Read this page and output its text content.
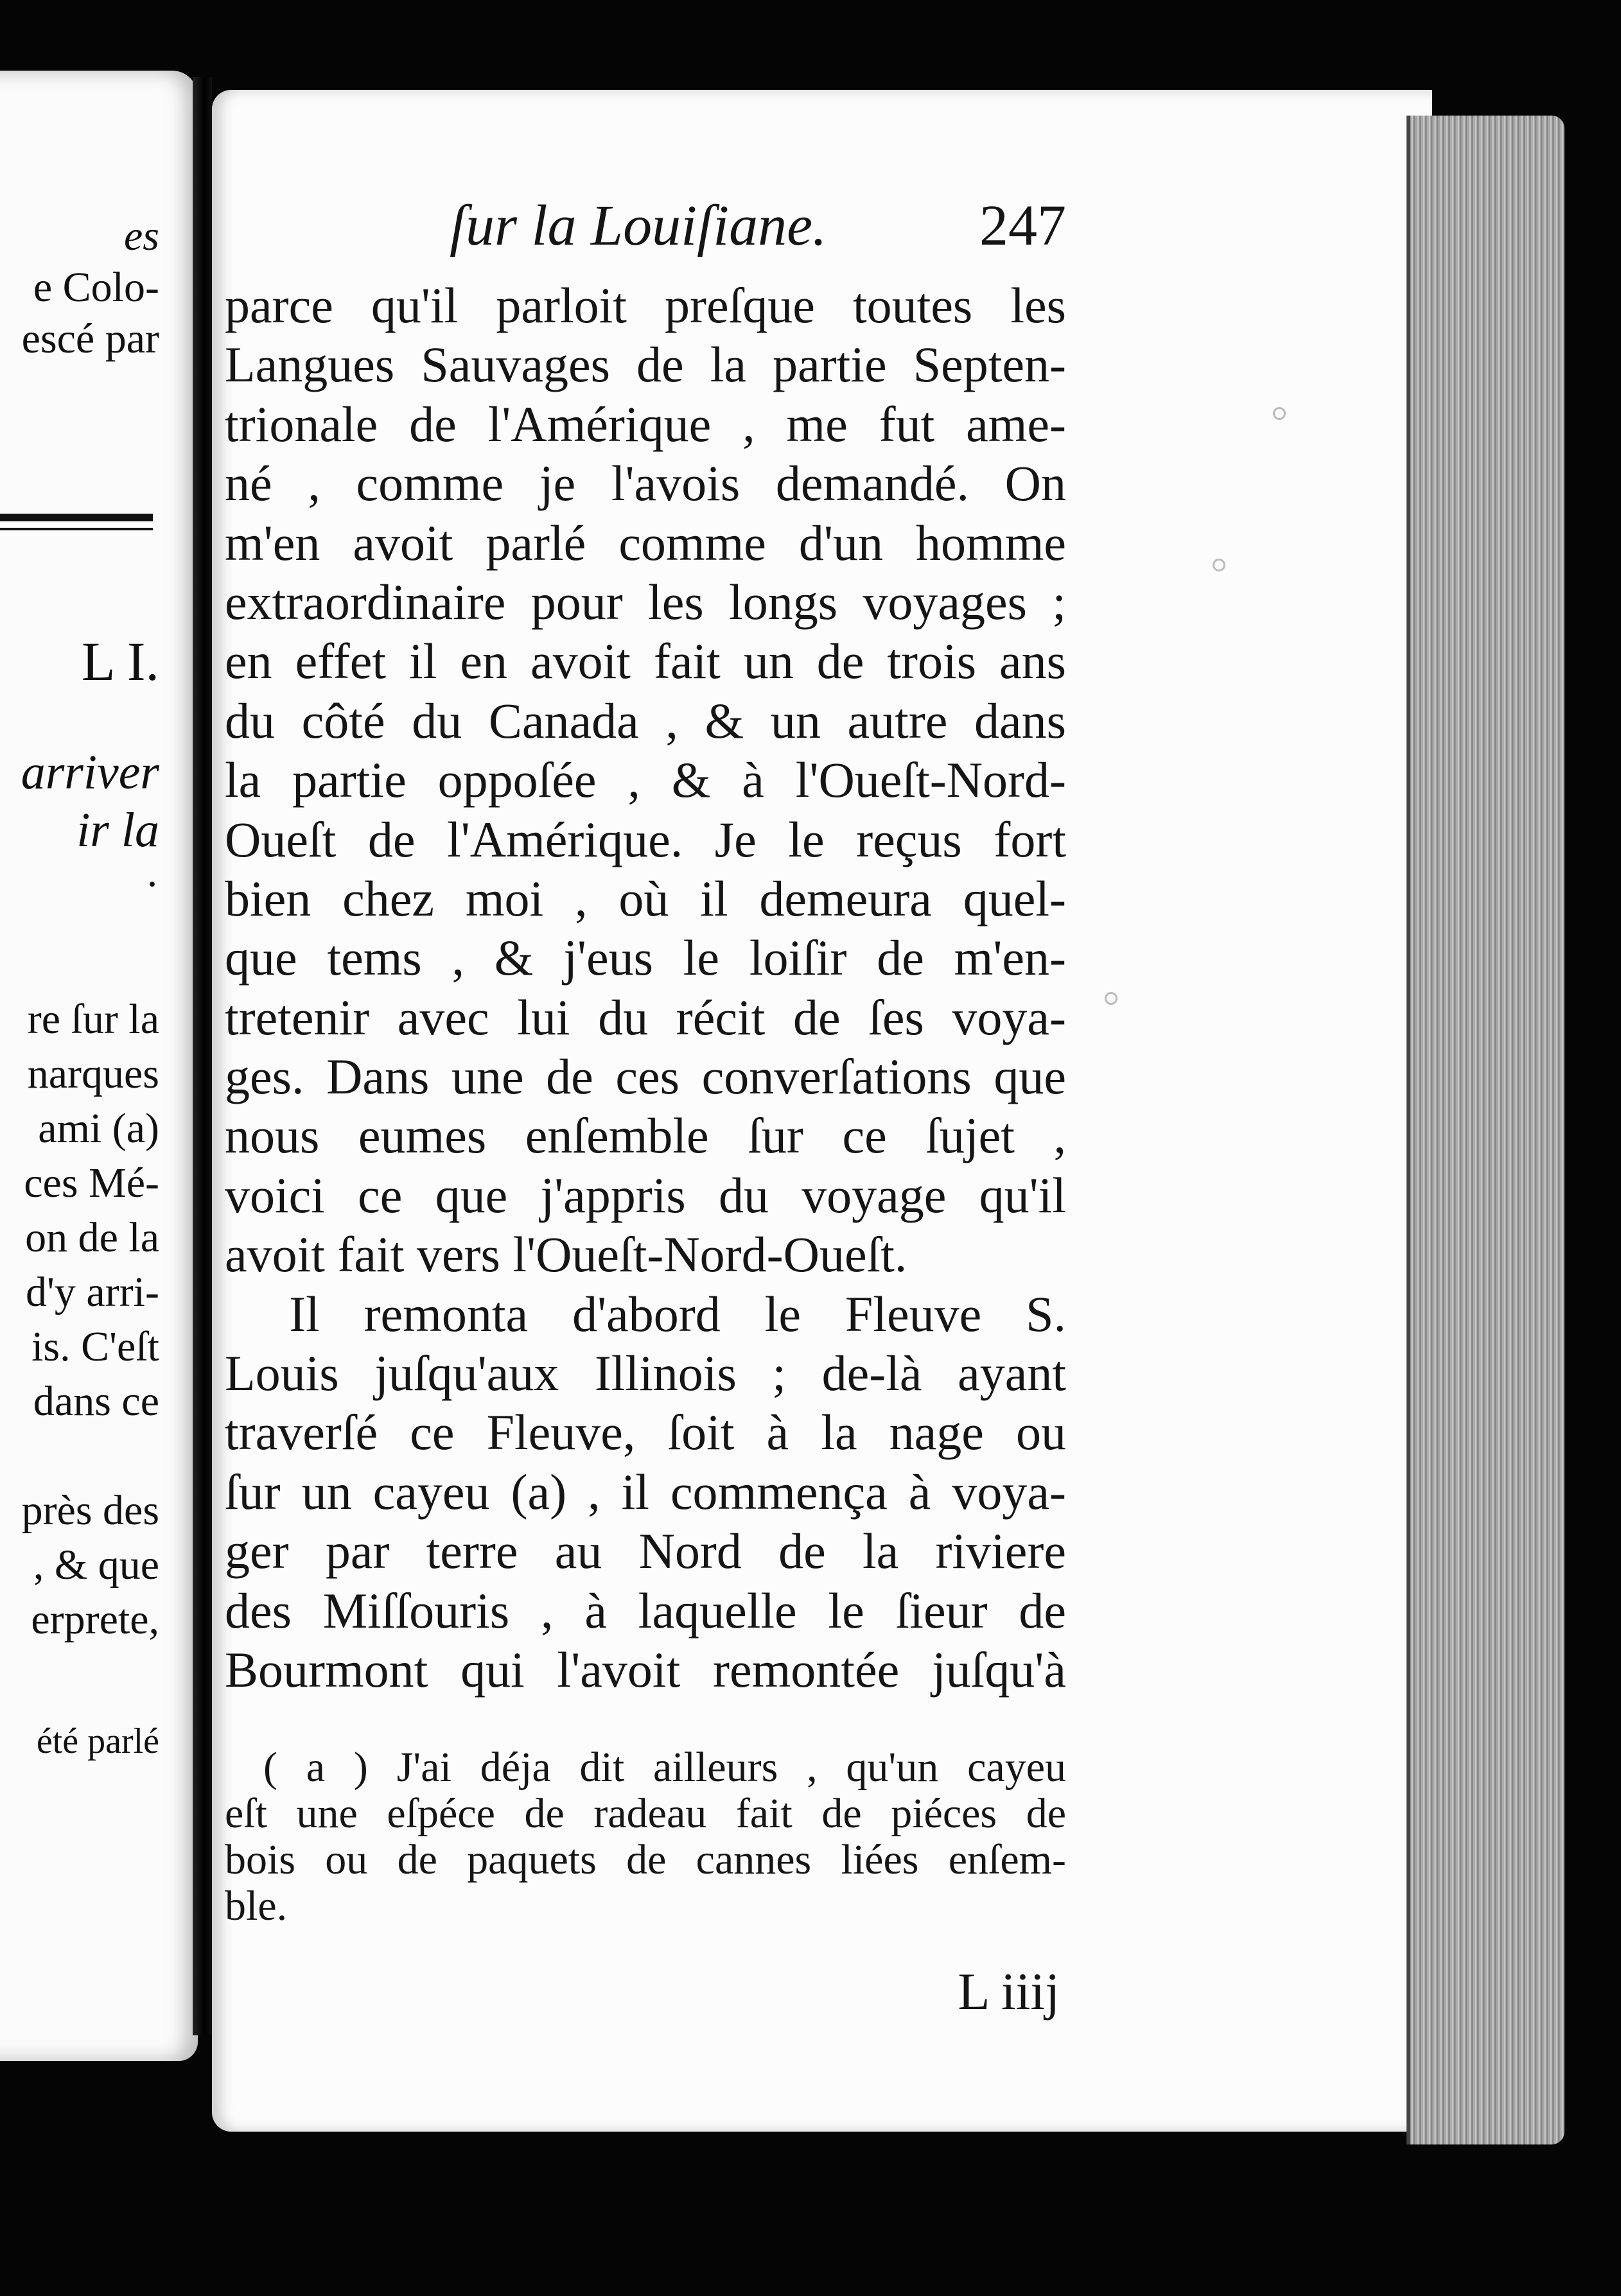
es
e Colo-
escé par
L I.
arriver
ir la
·
re ſur la
narques
ami (a)
ces Mé-
on de la
d'y arri-
is. C'eſt
dans ce
près des
, & que
erprete,
été parlé
ſur la Louiſiane.	247
parce qu'il parloit preſque toutes les
Langues Sauvages de la partie Septen-
trionale de l'Amérique , me fut ame-
né , comme je l'avois demandé. On
m'en avoit parlé comme d'un homme
extraordinaire pour les longs voyages ;
en effet il en avoit fait un de trois ans
du côté du Canada , & un autre dans
la partie oppoſée , & à l'Oueſt-Nord-
Oueſt de l'Amérique. Je le reçus fort
bien chez moi , où il demeura quel-
que tems , & j'eus le loiſir de m'en-
tretenir avec lui du récit de ſes voya-
ges. Dans une de ces converſations que
nous eumes enſemble ſur ce ſujet ,
voici ce que j'appris du voyage qu'il
avoit fait vers l'Oueſt-Nord-Oueſt.
Il remonta d'abord le Fleuve S.
Louis juſqu'aux Illinois ; de-là ayant
traverſé ce Fleuve, ſoit à la nage ou
ſur un cayeu (a) , il commença à voya-
ger par terre au Nord de la riviere
des Miſſouris , à laquelle le ſieur de
Bourmont qui l'avoit remontée juſqu'à
( a ) J'ai déja dit ailleurs , qu'un cayeu
eſt une eſpéce de radeau fait de piéces de
bois ou de paquets de cannes liées enſem-
ble.
L iiij
